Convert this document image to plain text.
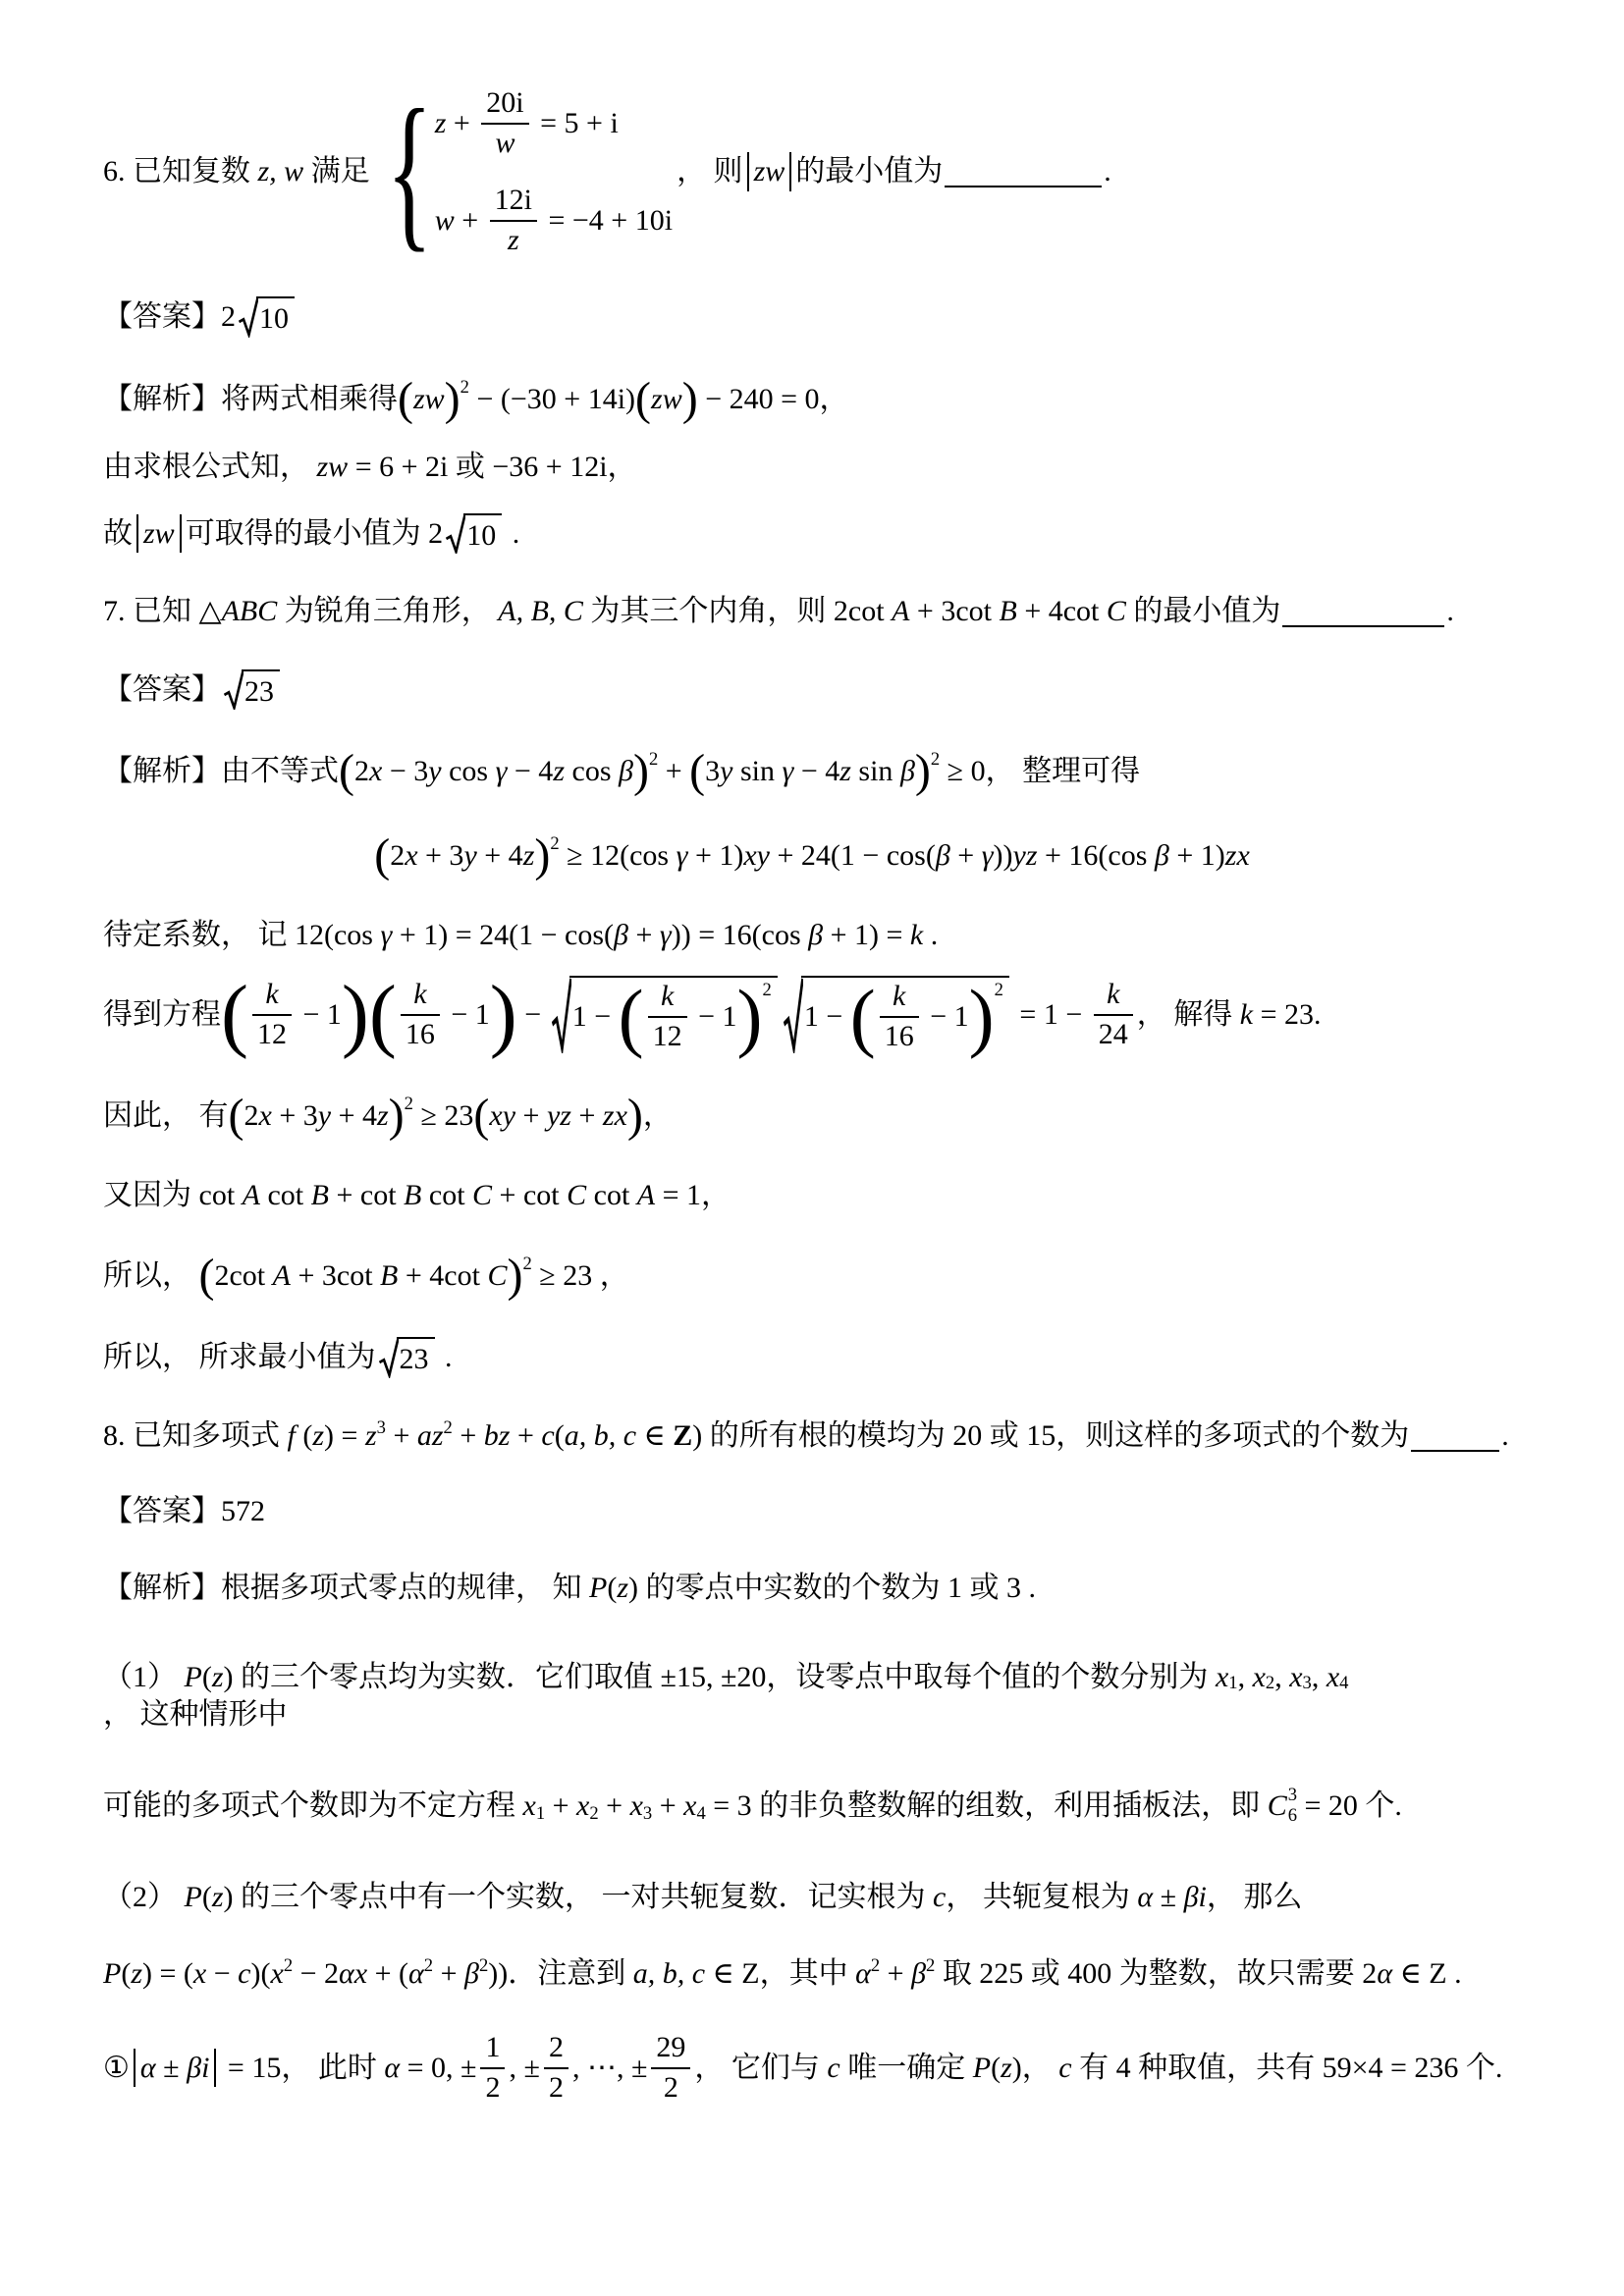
6. 已知复数 z, w 满足 { $z + \frac{20i}{w} = 5 + i$
$w + \frac{12i}{z} = -4 + 10i$
， 则 zw 的最小值为	.
【答案】2 10
【解析】将两式相乘得 ( zw ) 2 − (−30 + 14i) ( zw ) − 240 = 0，
由求根公式知， zw = 6 + 2i 或 −36 + 12i，
故 zw 可取得的最小值为 2 10 .
7. 已知 △ ABC 为锐角三角形， A, B, C 为其三个内角，则 2cot A + 3cot B + 4cot C 的最小值为	.
【答案】 23
【解析】由不等式 ( 2 x − 3 y cos γ − 4 z cos β ) 2 + ( 3 y sin γ − 4 z sin β ) 2 ≥ 0， 整理可得
( 2 x + 3 y + 4 z ) 2 ≥ 12(cos γ + 1) xy + 24(1 − cos( β + γ )) yz + 16(cos β + 1) zx
待定系数， 记 12(cos γ + 1) = 24(1 − cos( β + γ )) = 16(cos β + 1) = k .
得到方程 ( $\frac{k}{12} - 1$ ) ( $\frac{k}{16} - 1$ ) − 1 − ( $\frac{k}{12} - 1$ ) 2
1 − ( $\frac{k}{16} - 1$ ) 2
= $1 - \frac{k}{24}$ ， 解得 k = 23.
因此， 有 ( 2 x + 3 y + 4 z ) 2 ≥ 23 ( xy + yz + zx ) ，
又因为 cot A cot B + cot B cot C + cot C cot A = 1，
所以， ( 2cot A + 3cot B + 4cot C ) 2 ≥ 23 ，
所以， 所求最小值为 23 .
8. 已知多项式 f ( z ) = z 3 + az 2 + bz + c ( a, b, c ∈ Z ) 的所有根的模均为 20 或 15，则这样的多项式的个数为	.
【答案】572
【解析】根据多项式零点的规律， 知 P ( z ) 的零点中实数的个数为 1 或 3 .
（1） P ( z ) 的三个零点均为实数．它们取值 ±15, ±20，设零点中取每个值的个数分别为 x 1 , x 2 , x 3 , x 4
， 这种情形中
可能的多项式个数即为不定方程 x 1 + x 2 + x 3 + x 4 = 3 的非负整数解的组数，利用插板法，即 C 3
6 = 20 个.
（2） P ( z ) 的三个零点中有一个实数， 一对共轭复数．记实根为 c ， 共轭复根为 α ± βi ， 那么
P ( z ) = ( x − c )( x 2 − 2 αx + ( α 2 + β 2 ))．注意到 a, b, c ∈ Z，其中 α 2 + β 2 取 225 或 400 为整数，故只需要 2 α ∈ Z .
① α ± βi = 15， 此时 α = 0, ± $\frac{1}{2}$ , ± $\frac{2}{2}$ , ⋯, ± $\frac{29}{2}$ ， 它们与 c 唯一确定 P ( z )， c 有 4 种取值，共有 59×4 = 236 个.
